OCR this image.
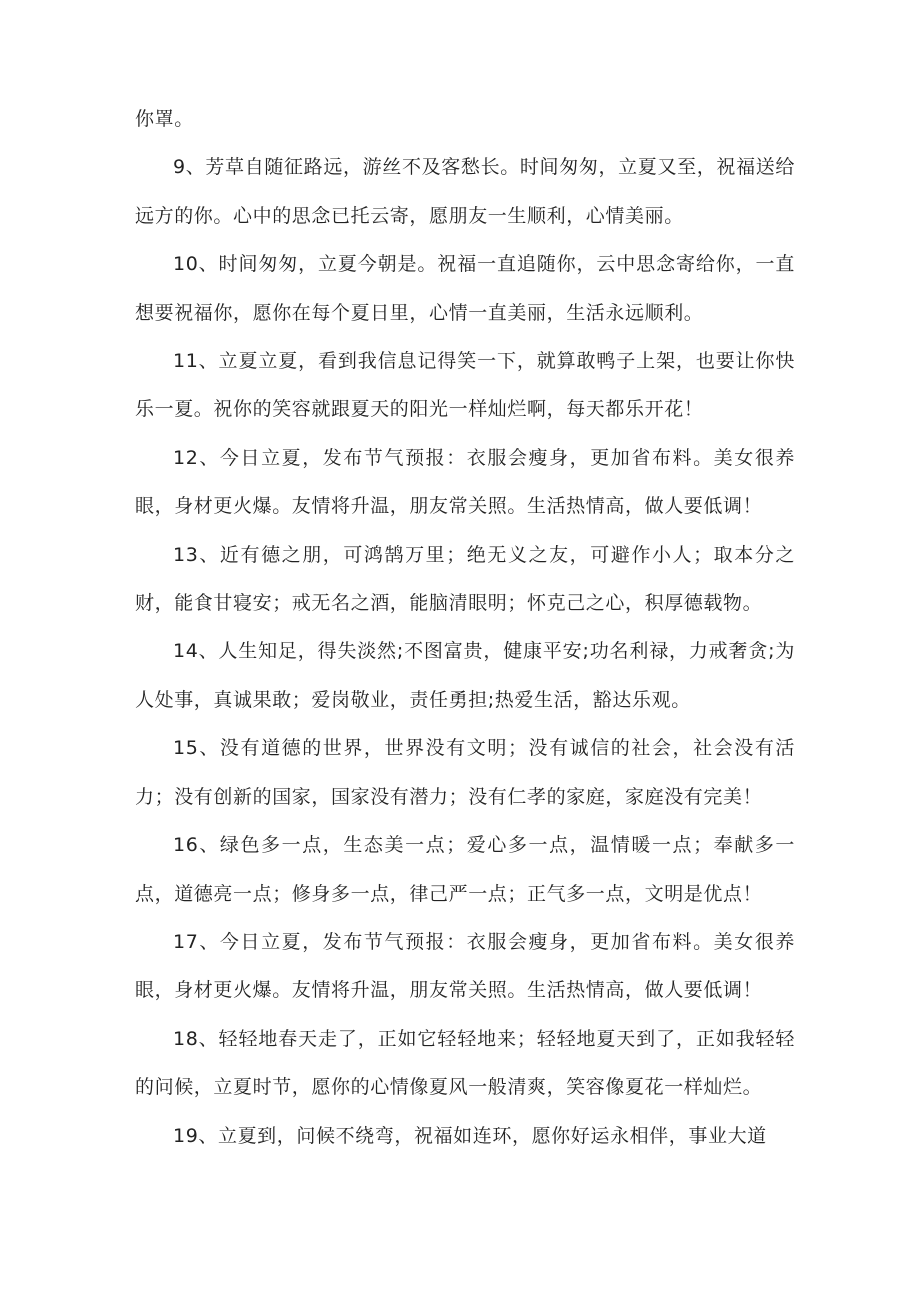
你罩。

9、芳草自随征路远，游丝不及客愁长。时间匆匆，立夏又至，祝福送给远方的你。心中的思念已托云寄，愿朋友一生顺利，心情美丽。

10、时间匆匆，立夏今朝是。祝福一直追随你，云中思念寄给你，一直想要祝福你，愿你在每个夏日里，心情一直美丽，生活永远顺利。

11、立夏立夏，看到我信息记得笑一下，就算敢鸭子上架，也要让你快乐一夏。祝你的笑容就跟夏天的阳光一样灿烂啊，每天都乐开花！

12、今日立夏，发布节气预报：衣服会瘦身，更加省布料。美女很养眼，身材更火爆。友情将升温，朋友常关照。生活热情高，做人要低调！

13、近有德之朋，可鸿鹄万里；绝无义之友，可避作小人；取本分之财，能食甘寝安；戒无名之酒，能脑清眼明；怀克己之心，积厚德载物。

14、人生知足，得失淡然;不图富贵，健康平安;功名利禄，力戒奢贪;为人处事，真诚果敢；爱岗敬业，责任勇担;热爱生活，豁达乐观。

15、没有道德的世界，世界没有文明；没有诚信的社会，社会没有活力；没有创新的国家，国家没有潜力；没有仁孝的家庭，家庭没有完美！

16、绿色多一点，生态美一点；爱心多一点，温情暖一点；奉献多一点，道德亮一点；修身多一点，律己严一点；正气多一点，文明是优点！

17、今日立夏，发布节气预报：衣服会瘦身，更加省布料。美女很养眼，身材更火爆。友情将升温，朋友常关照。生活热情高，做人要低调！

18、轻轻地春天走了，正如它轻轻地来；轻轻地夏天到了，正如我轻轻的问候，立夏时节，愿你的心情像夏风一般清爽，笑容像夏花一样灿烂。

19、立夏到，问候不绕弯，祝福如连环，愿你好运永相伴，事业大道
